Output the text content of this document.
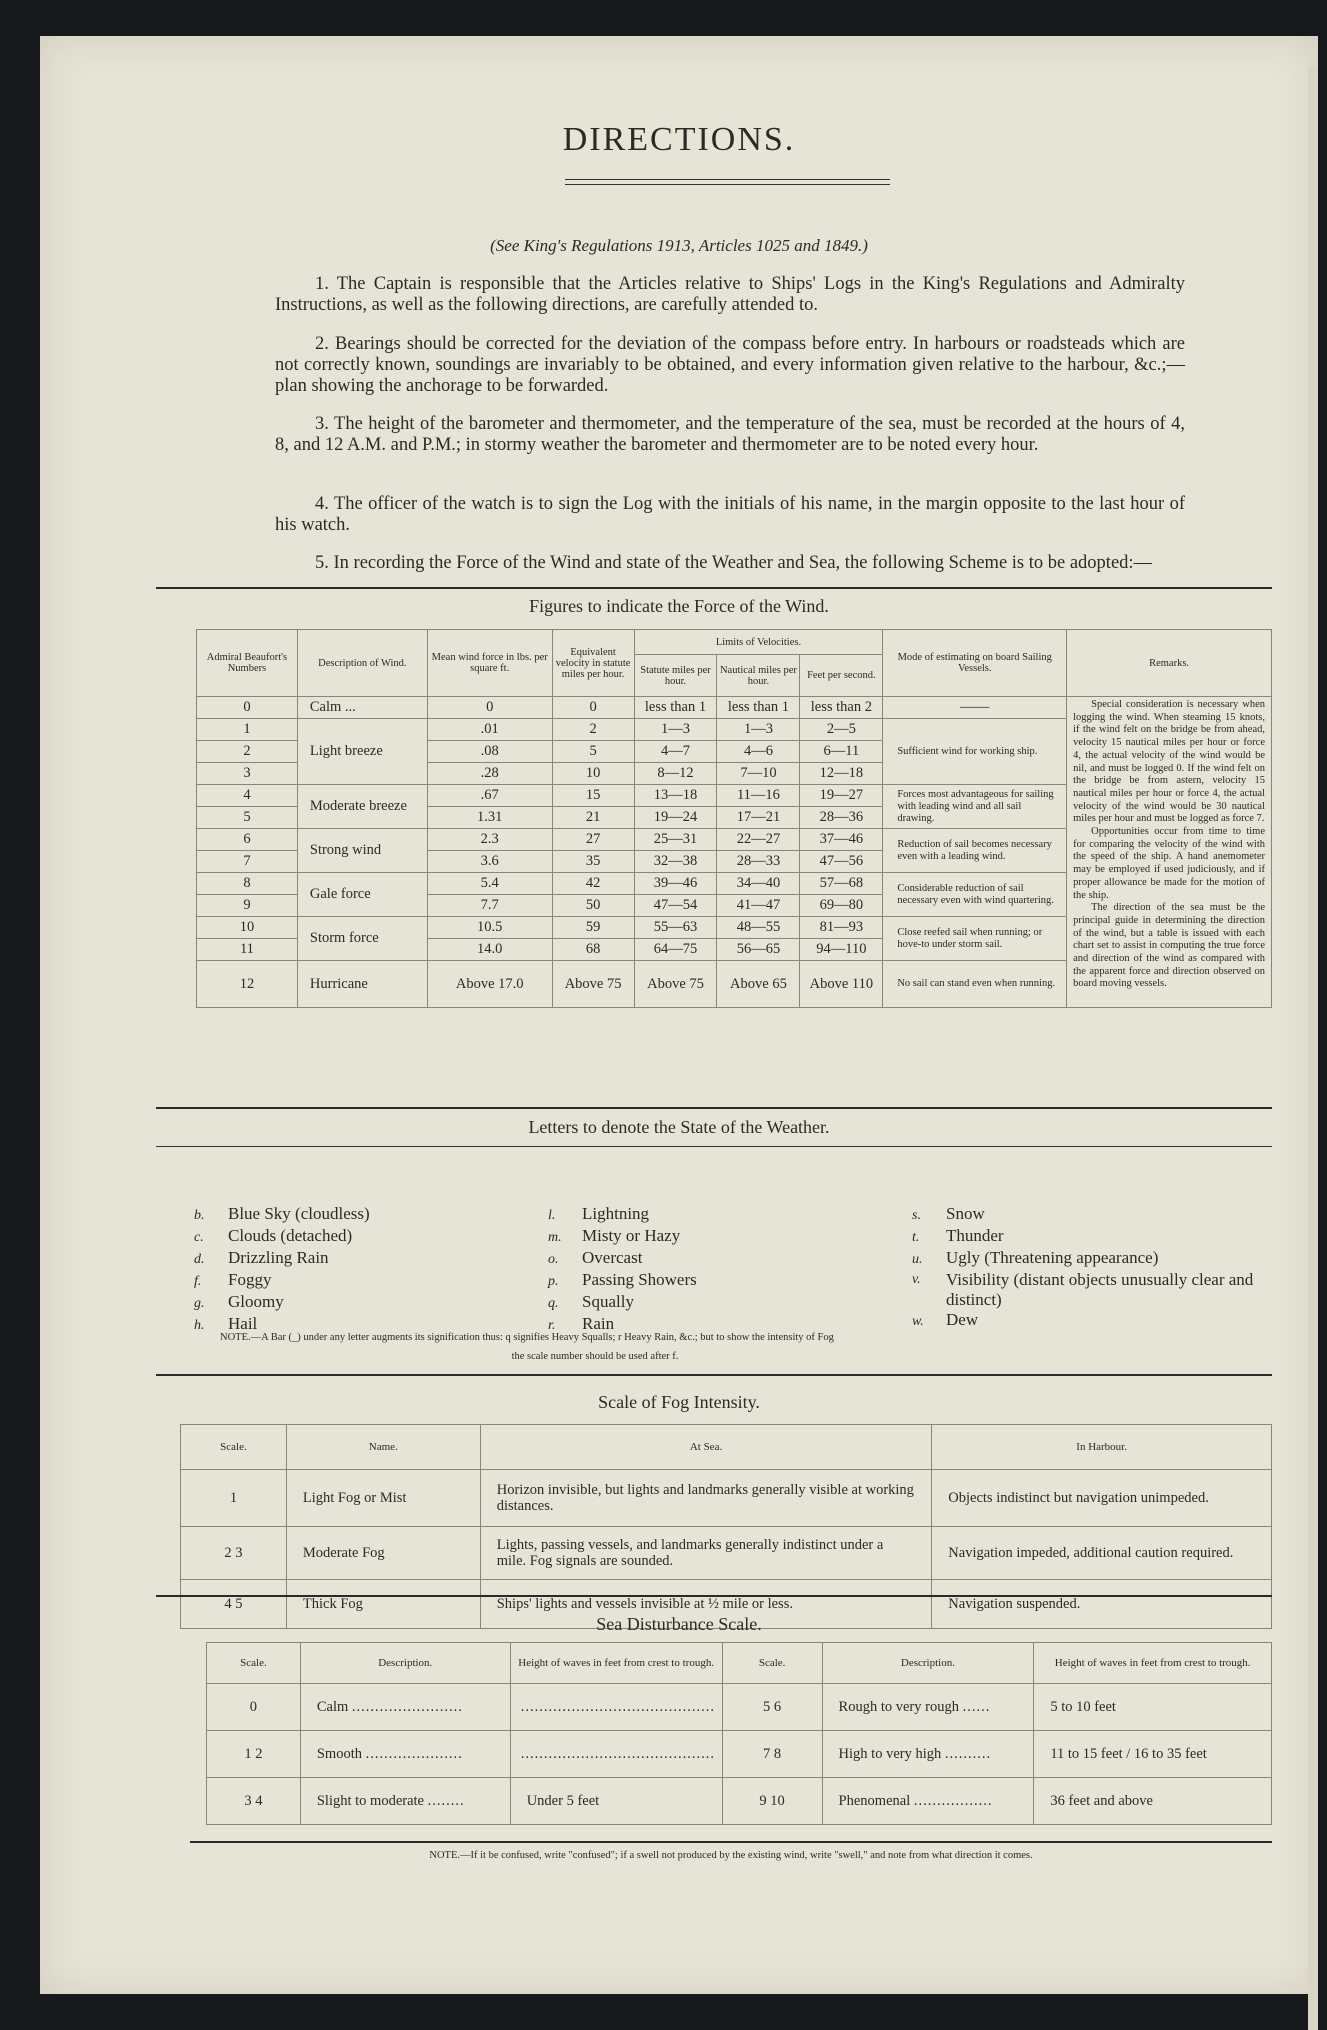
DIRECTIONS.
(See King's Regulations 1913, Articles 1025 and 1849.)
1. The Captain is responsible that the Articles relative to Ships' Logs in the King's Regulations and Admiralty Instructions, as well as the following directions, are carefully attended to.
2. Bearings should be corrected for the deviation of the compass before entry. In harbours or roadsteads which are not correctly known, soundings are invariably to be obtained, and every information given relative to the harbour, &c.;—plan showing the anchorage to be forwarded.
3. The height of the barometer and thermometer, and the temperature of the sea, must be recorded at the hours of 4, 8, and 12 A.M. and P.M.; in stormy weather the barometer and thermometer are to be noted every hour.
4. The officer of the watch is to sign the Log with the initials of his name, in the margin opposite to the last hour of his watch.
5. In recording the Force of the Wind and state of the Weather and Sea, the following Scheme is to be adopted:—
Figures to indicate the Force of the Wind.
Admiral Beaufort's Numbers	Description of Wind.	Mean wind force in lbs. per square ft.	Equivalent velocity in statute miles per hour.	Limits of Velocities.			Mode of estimating on board Sailing Vessels.	Remarks.
				Statute miles per hour.	Nautical miles per hour.	Feet per second.		
0	Calm ...	0	0	less than 1	less than 1	less than 2	——	Special consideration is necessary when logging the wind. When steaming 15 knots, if the wind felt on the bridge be from ahead, velocity 15 nautical miles per hour or force 4, the actual velocity of the wind would be nil, and must be logged 0. If the wind felt on the bridge be from astern, velocity 15 nautical miles per hour or force 4, the actual velocity of the wind would be 30 nautical miles per hour and must be logged as force 7.
Opportunities occur from time to time for comparing the velocity of the wind with the speed of the ship. A hand anemometer may be employed if used judiciously, and if proper allowance be made for the motion of the ship.
The direction of the sea must be the principal guide in determining the direction of the wind, but a table is issued with each chart set to assist in computing the true force and direction of the wind as compared with the apparent force and direction observed on board moving vessels.

1	Light breeze	.01	2	1—3	1—3	2—5	Sufficient wind for working ship.	
2		.08	5	4—7	4—6	6—11		
3		.28	10	8—12	7—10	12—18		
4	Moderate breeze	.67	15	13—18	11—16	19—27	Forces most advantageous for sailing with leading wind and all sail drawing.	
5		1.31	21	19—24	17—21	28—36		
6	Strong wind	2.3	27	25—31	22—27	37—46	Reduction of sail becomes necessary even with a leading wind.	
7		3.6	35	32—38	28—33	47—56		
8	Gale force	5.4	42	39—46	34—40	57—68	Considerable reduction of sail necessary even with wind quartering.	
9		7.7	50	47—54	41—47	69—80		
10	Storm force	10.5	59	55—63	48—55	81—93	Close reefed sail when running; or hove-to under storm sail.	
11		14.0	68	64—75	56—65	94—110		
12	Hurricane	Above 17.0	Above 75	Above 75	Above 65	Above 110	No sail can stand even when running.	
Letters to denote the State of the Weather.
b. Blue Sky (cloudless)
c. Clouds (detached)
d. Drizzling Rain
f. Foggy
g. Gloomy
h. Hail
l. Lightning
m. Misty or Hazy
o. Overcast
p. Passing Showers
q. Squally
r. Rain
s. Snow
t. Thunder
u. Ugly (Threatening appearance)
v.	Visibility (distant objects unusually clear and distinct)
w. Dew
NOTE.—A Bar (_) under any letter augments its signification thus: q signifies Heavy Squalls; r Heavy Rain, &c.; but to show the intensity of Fog
the scale number should be used after f.
Scale of Fog Intensity.
Scale.	Name.	At Sea.	In Harbour.
1	Light Fog or Mist	Horizon invisible, but lights and landmarks generally visible at working distances.	Objects indistinct but navigation unimpeded.
2 3	Moderate Fog	Lights, passing vessels, and landmarks generally indistinct under a mile. Fog signals are sounded.	Navigation impeded, additional caution required.
4 5	Thick Fog	Ships' lights and vessels invisible at ½ mile or less.	Navigation suspended.
Sea Disturbance Scale.
Scale.	Description.	Height of waves in feet from crest to trough.	Scale.	Description.	Height of waves in feet from crest to trough.
0	Calm ........................	..........................................	5 6	Rough to very rough ......	5 to 10 feet
1 2	Smooth .....................	..........................................	7 8	High to very high ..........	11 to 15 feet / 16 to 35 feet
3 4	Slight to moderate ........	Under 5 feet	9 10	Phenomenal .................	36 feet and above
NOTE.—If it be confused, write "confused"; if a swell not produced by the existing wind, write "swell," and note from what direction it comes.
